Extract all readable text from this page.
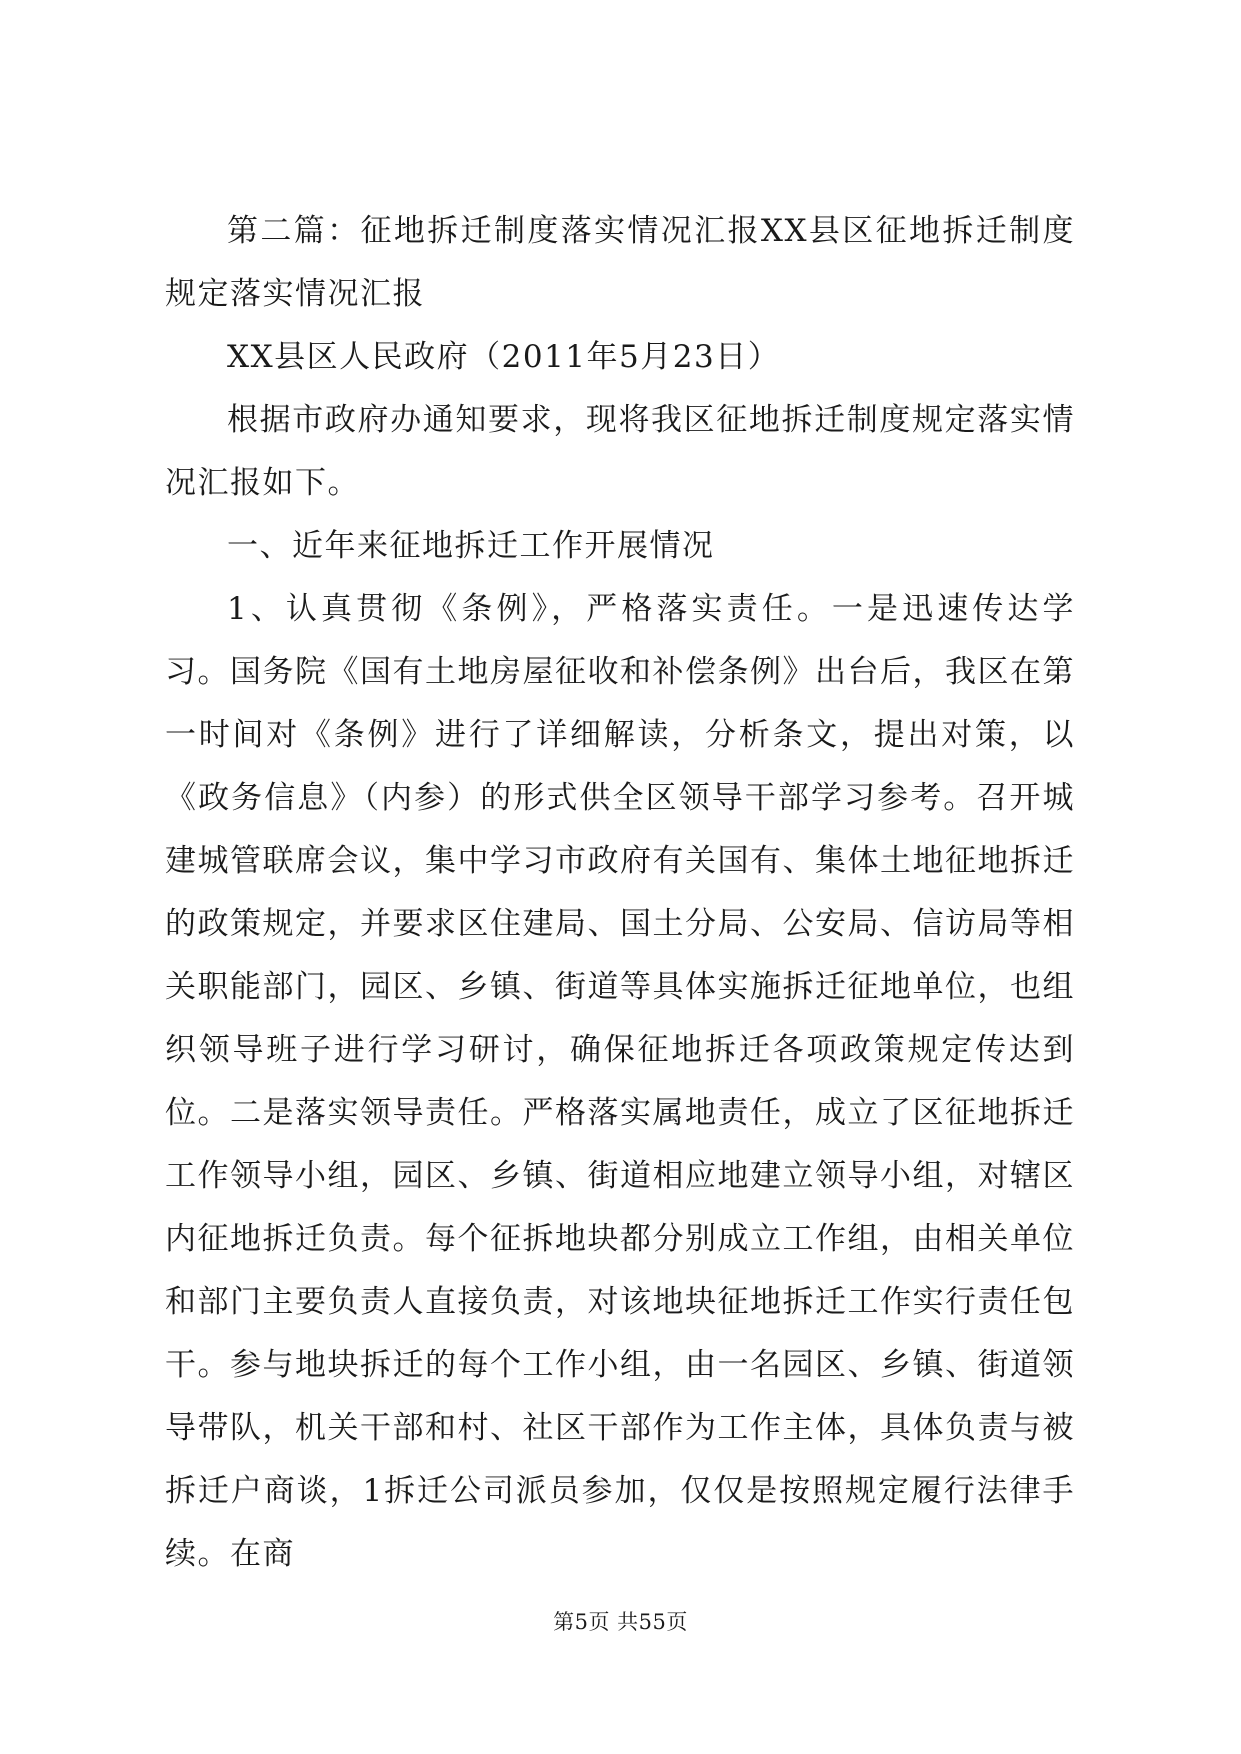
第二篇：征地拆迁制度落实情况汇报XX县区征地拆迁制度规定落实情况汇报

XX县区人民政府（2011年5月23日）

根据市政府办通知要求，现将我区征地拆迁制度规定落实情况汇报如下。

一、近年来征地拆迁工作开展情况

1、认真贯彻《条例》，严格落实责任。一是迅速传达学习。国务院《国有土地房屋征收和补偿条例》出台后，我区在第一时间对《条例》进行了详细解读，分析条文，提出对策，以《政务信息》（内参）的形式供全区领导干部学习参考。召开城建城管联席会议，集中学习市政府有关国有、集体土地征地拆迁的政策规定，并要求区住建局、国土分局、公安局、信访局等相关职能部门，园区、乡镇、街道等具体实施拆迁征地单位，也组织领导班子进行学习研讨，确保征地拆迁各项政策规定传达到位。二是落实领导责任。严格落实属地责任，成立了区征地拆迁工作领导小组，园区、乡镇、街道相应地建立领导小组，对辖区内征地拆迁负责。每个征拆地块都分别成立工作组，由相关单位和部门主要负责人直接负责，对该地块征地拆迁工作实行责任包干。参与地块拆迁的每个工作小组，由一名园区、乡镇、街道领导带队，机关干部和村、社区干部作为工作主体，具体负责与被拆迁户商谈，1拆迁公司派员参加，仅仅是按照规定履行法律手续。在商

第5页 共55页
